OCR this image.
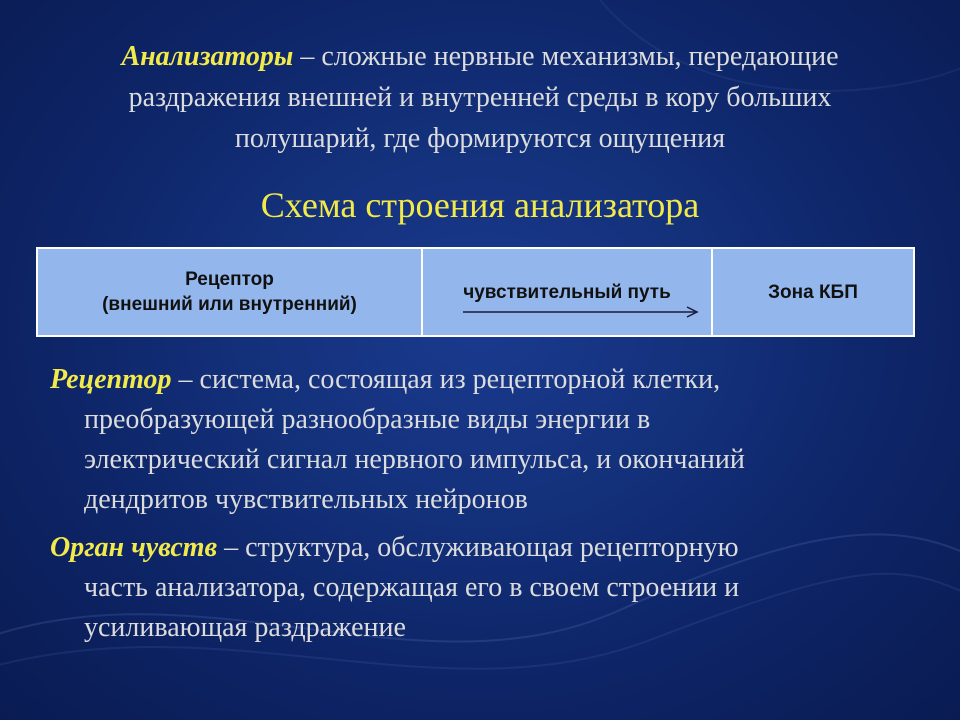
Анализаторы – сложные нервные механизмы, передающие
раздражения внешней и внутренней среды в кору больших
полушарий, где формируются ощущения
Схема строения анализатора
Рецептор
(внешний или внутренний)
чувствительный путь	Зона КБП
Рецептор – система, состоящая из рецепторной клетки,
преобразующей разнообразные виды энергии в
электрический сигнал нервного импульса, и окончаний
дендритов чувствительных нейронов
Орган чувств – структура, обслуживающая рецепторную
часть анализатора, содержащая его в своем строении и
усиливающая раздражение
